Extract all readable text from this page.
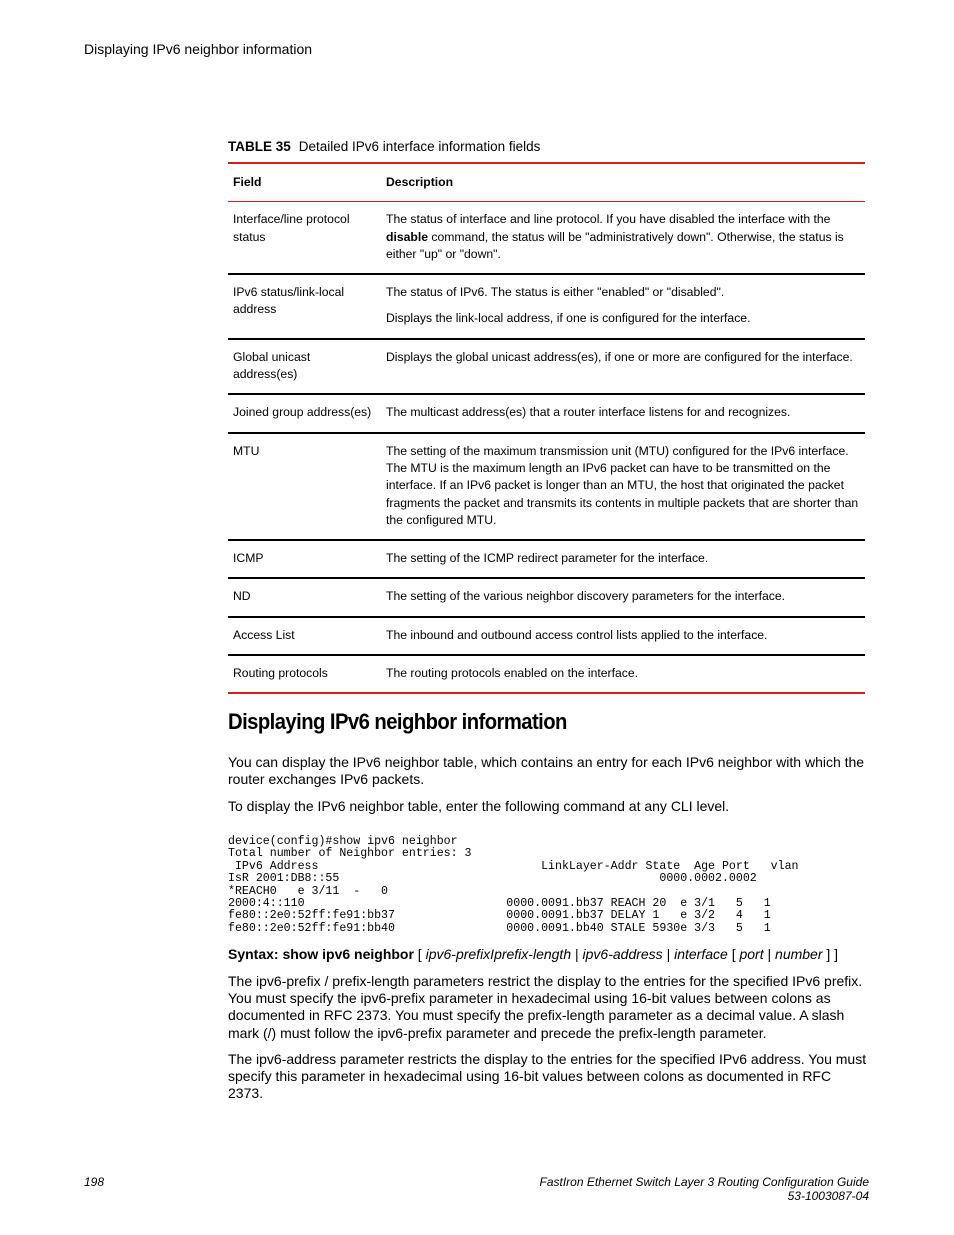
Displaying IPv6 neighbor information
TABLE 35 Detailed IPv6 interface information fields
Field	Description
Interface/line protocol status	The status of interface and line protocol. If you have disabled the interface with the disable command, the status will be "administratively down". Otherwise, the status is either "up" or "down".

IPv6 status/link-local address	The status of IPv6. The status is either "enabled" or "disabled".

Displays the link-local address, if one is configured for the interface.

Global unicast address(es)	Displays the global unicast address(es), if one or more are configured for the interface.

Joined group address(es)	The multicast address(es) that a router interface listens for and recognizes.

MTU	The setting of the maximum transmission unit (MTU) configured for the IPv6 interface. The MTU is the maximum length an IPv6 packet can have to be transmitted on the interface. If an IPv6 packet is longer than an MTU, the host that originated the packet fragments the packet and transmits its contents in multiple packets that are shorter than the configured MTU.

ICMP	The setting of the ICMP redirect parameter for the interface.

ND	The setting of the various neighbor discovery parameters for the interface.

Access List	The inbound and outbound access control lists applied to the interface.

Routing protocols	The routing protocols enabled on the interface.

Displaying IPv6 neighbor information

You can display the IPv6 neighbor table, which contains an entry for each IPv6 neighbor with which the router exchanges IPv6 packets.

To display the IPv6 neighbor table, enter the following command at any CLI level.

device(config)#show ipv6 neighbor
Total number of Neighbor entries: 3
IPv6 Address                                LinkLayer-Addr State  Age Port   vlan
IsR 2001:DB8::55                                              0000.0002.0002
*REACH0   e 3/11  -   0
2000:4::110                             0000.0091.bb37 REACH 20  e 3/1   5   1
fe80::2e0:52ff:fe91:bb37                0000.0091.bb37 DELAY 1   e 3/2   4   1
fe80::2e0:52ff:fe91:bb40                0000.0091.bb40 STALE 5930e 3/3   5   1

Syntax: show ipv6 neighbor [ ipv6-prefixIprefix-length | ipv6-address | interface [ port | number ] ]

The ipv6-prefix / prefix-length parameters restrict the display to the entries for the specified IPv6 prefix. You must specify the ipv6-prefix parameter in hexadecimal using 16-bit values between colons as documented in RFC 2373. You must specify the prefix-length parameter as a decimal value. A slash mark (/) must follow the ipv6-prefix parameter and precede the prefix-length parameter.

The ipv6-address parameter restricts the display to the entries for the specified IPv6 address. You must specify this parameter in hexadecimal using 16-bit values between colons as documented in RFC 2373.

198	FastIron Ethernet Switch Layer 3 Routing Configuration Guide
53-1003087-04
